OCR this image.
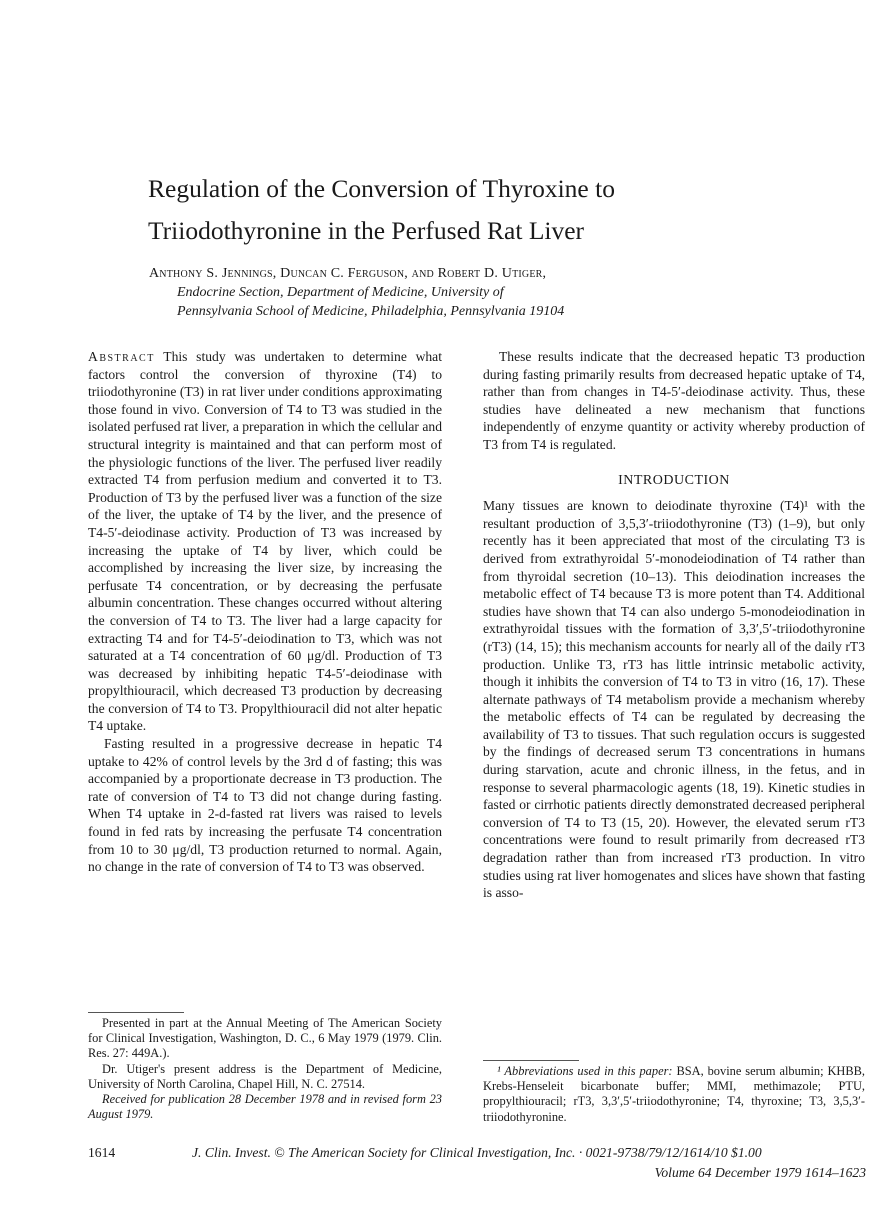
Regulation of the Conversion of Thyroxine to
Triiodothyronine in the Perfused Rat Liver
Anthony S. Jennings, Duncan C. Ferguson, and Robert D. Utiger,
Endocrine Section, Department of Medicine, University of
Pennsylvania School of Medicine, Philadelphia, Pennsylvania 19104

Abstract This study was undertaken to determine what factors control the conversion of thyroxine (T4) to triiodothyronine (T3) in rat liver under conditions approximating those found in vivo. Conversion of T4 to T3 was studied in the isolated perfused rat liver, a preparation in which the cellular and structural integrity is maintained and that can perform most of the physiologic functions of the liver. The perfused liver readily extracted T4 from perfusion medium and converted it to T3. Production of T3 by the perfused liver was a function of the size of the liver, the uptake of T4 by the liver, and the presence of T4-5′-deiodinase activity. Production of T3 was increased by increasing the uptake of T4 by liver, which could be accomplished by increasing the liver size, by increasing the perfusate T4 concentration, or by decreasing the perfusate albumin concentration. These changes occurred without altering the conversion of T4 to T3. The liver had a large capacity for extracting T4 and for T4-5′-deiodination to T3, which was not saturated at a T4 concentration of 60 μg/dl. Production of T3 was decreased by inhibiting hepatic T4-5′-deiodinase with propylthiouracil, which decreased T3 production by decreasing the conversion of T4 to T3. Propylthiouracil did not alter hepatic T4 uptake.

Fasting resulted in a progressive decrease in hepatic T4 uptake to 42% of control levels by the 3rd d of fasting; this was accompanied by a proportionate decrease in T3 production. The rate of conversion of T4 to T3 did not change during fasting. When T4 uptake in 2-d-fasted rat livers was raised to levels found in fed rats by increasing the perfusate T4 concentration from 10 to 30 μg/dl, T3 production returned to normal. Again, no change in the rate of conversion of T4 to T3 was observed.

Presented in part at the Annual Meeting of The American Society for Clinical Investigation, Washington, D. C., 6 May 1979 (1979. Clin. Res. 27: 449A.).

Dr. Utiger's present address is the Department of Medicine, University of North Carolina, Chapel Hill, N. C. 27514.

Received for publication 28 December 1978 and in revised form 23 August 1979.

These results indicate that the decreased hepatic T3 production during fasting primarily results from decreased hepatic uptake of T4, rather than from changes in T4-5′-deiodinase activity. Thus, these studies have delineated a new mechanism that functions independently of enzyme quantity or activity whereby production of T3 from T4 is regulated.

INTRODUCTION

Many tissues are known to deiodinate thyroxine (T4)¹ with the resultant production of 3,5,3′-triiodothyronine (T3) (1–9), but only recently has it been appreciated that most of the circulating T3 is derived from extrathyroidal 5′-monodeiodination of T4 rather than from thyroidal secretion (10–13). This deiodination increases the metabolic effect of T4 because T3 is more potent than T4. Additional studies have shown that T4 can also undergo 5-monodeiodination in extrathyroidal tissues with the formation of 3,3′,5′-triiodothyronine (rT3) (14, 15); this mechanism accounts for nearly all of the daily rT3 production. Unlike T3, rT3 has little intrinsic metabolic activity, though it inhibits the conversion of T4 to T3 in vitro (16, 17). These alternate pathways of T4 metabolism provide a mechanism whereby the metabolic effects of T4 can be regulated by decreasing the availability of T3 to tissues. That such regulation occurs is suggested by the findings of decreased serum T3 concentrations in humans during starvation, acute and chronic illness, in the fetus, and in response to several pharmacologic agents (18, 19). Kinetic studies in fasted or cirrhotic patients directly demonstrated decreased peripheral conversion of T4 to T3 (15, 20). However, the elevated serum rT3 concentrations were found to result primarily from decreased rT3 degradation rather than from increased rT3 production. In vitro studies using rat liver homogenates and slices have shown that fasting is asso-

¹ Abbreviations used in this paper: BSA, bovine serum albumin; KHBB, Krebs-Henseleit bicarbonate buffer; MMI, methimazole; PTU, propylthiouracil; rT3, 3,3′,5′-triiodothyronine; T4, thyroxine; T3, 3,5,3′-triiodothyronine.

1614	J. Clin. Invest. © The American Society for Clinical Investigation, Inc. · 0021-9738/79/12/1614/10 $1.00
Volume 64 December 1979 1614–1623
